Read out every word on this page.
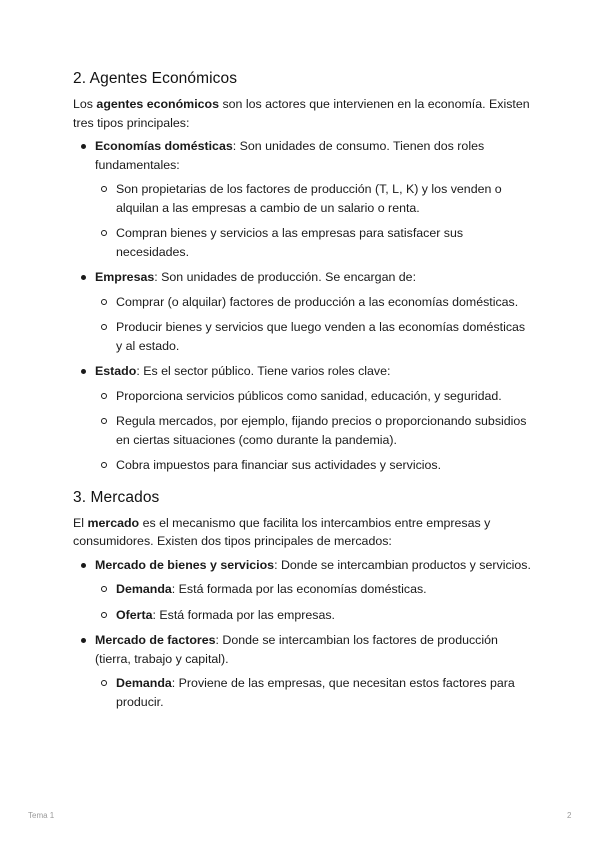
2. Agentes Económicos

Los agentes económicos son los actores que intervienen en la economía. Existen tres tipos principales:

Economías domésticas: Son unidades de consumo. Tienen dos roles fundamentales:
Son propietarias de los factores de producción (T, L, K) y los venden o alquilan a las empresas a cambio de un salario o renta.
Compran bienes y servicios a las empresas para satisfacer sus necesidades.
Empresas: Son unidades de producción. Se encargan de:
Comprar (o alquilar) factores de producción a las economías domésticas.
Producir bienes y servicios que luego venden a las economías domésticas y al estado.
Estado: Es el sector público. Tiene varios roles clave:
Proporciona servicios públicos como sanidad, educación, y seguridad.
Regula mercados, por ejemplo, fijando precios o proporcionando subsidios en ciertas situaciones (como durante la pandemia).
Cobra impuestos para financiar sus actividades y servicios.
3. Mercados

El mercado es el mecanismo que facilita los intercambios entre empresas y consumidores. Existen dos tipos principales de mercados:

Mercado de bienes y servicios: Donde se intercambian productos y servicios.
Demanda: Está formada por las economías domésticas.
Oferta: Está formada por las empresas.
Mercado de factores: Donde se intercambian los factores de producción (tierra, trabajo y capital).
Demanda: Proviene de las empresas, que necesitan estos factores para producir.
Tema 1	2
